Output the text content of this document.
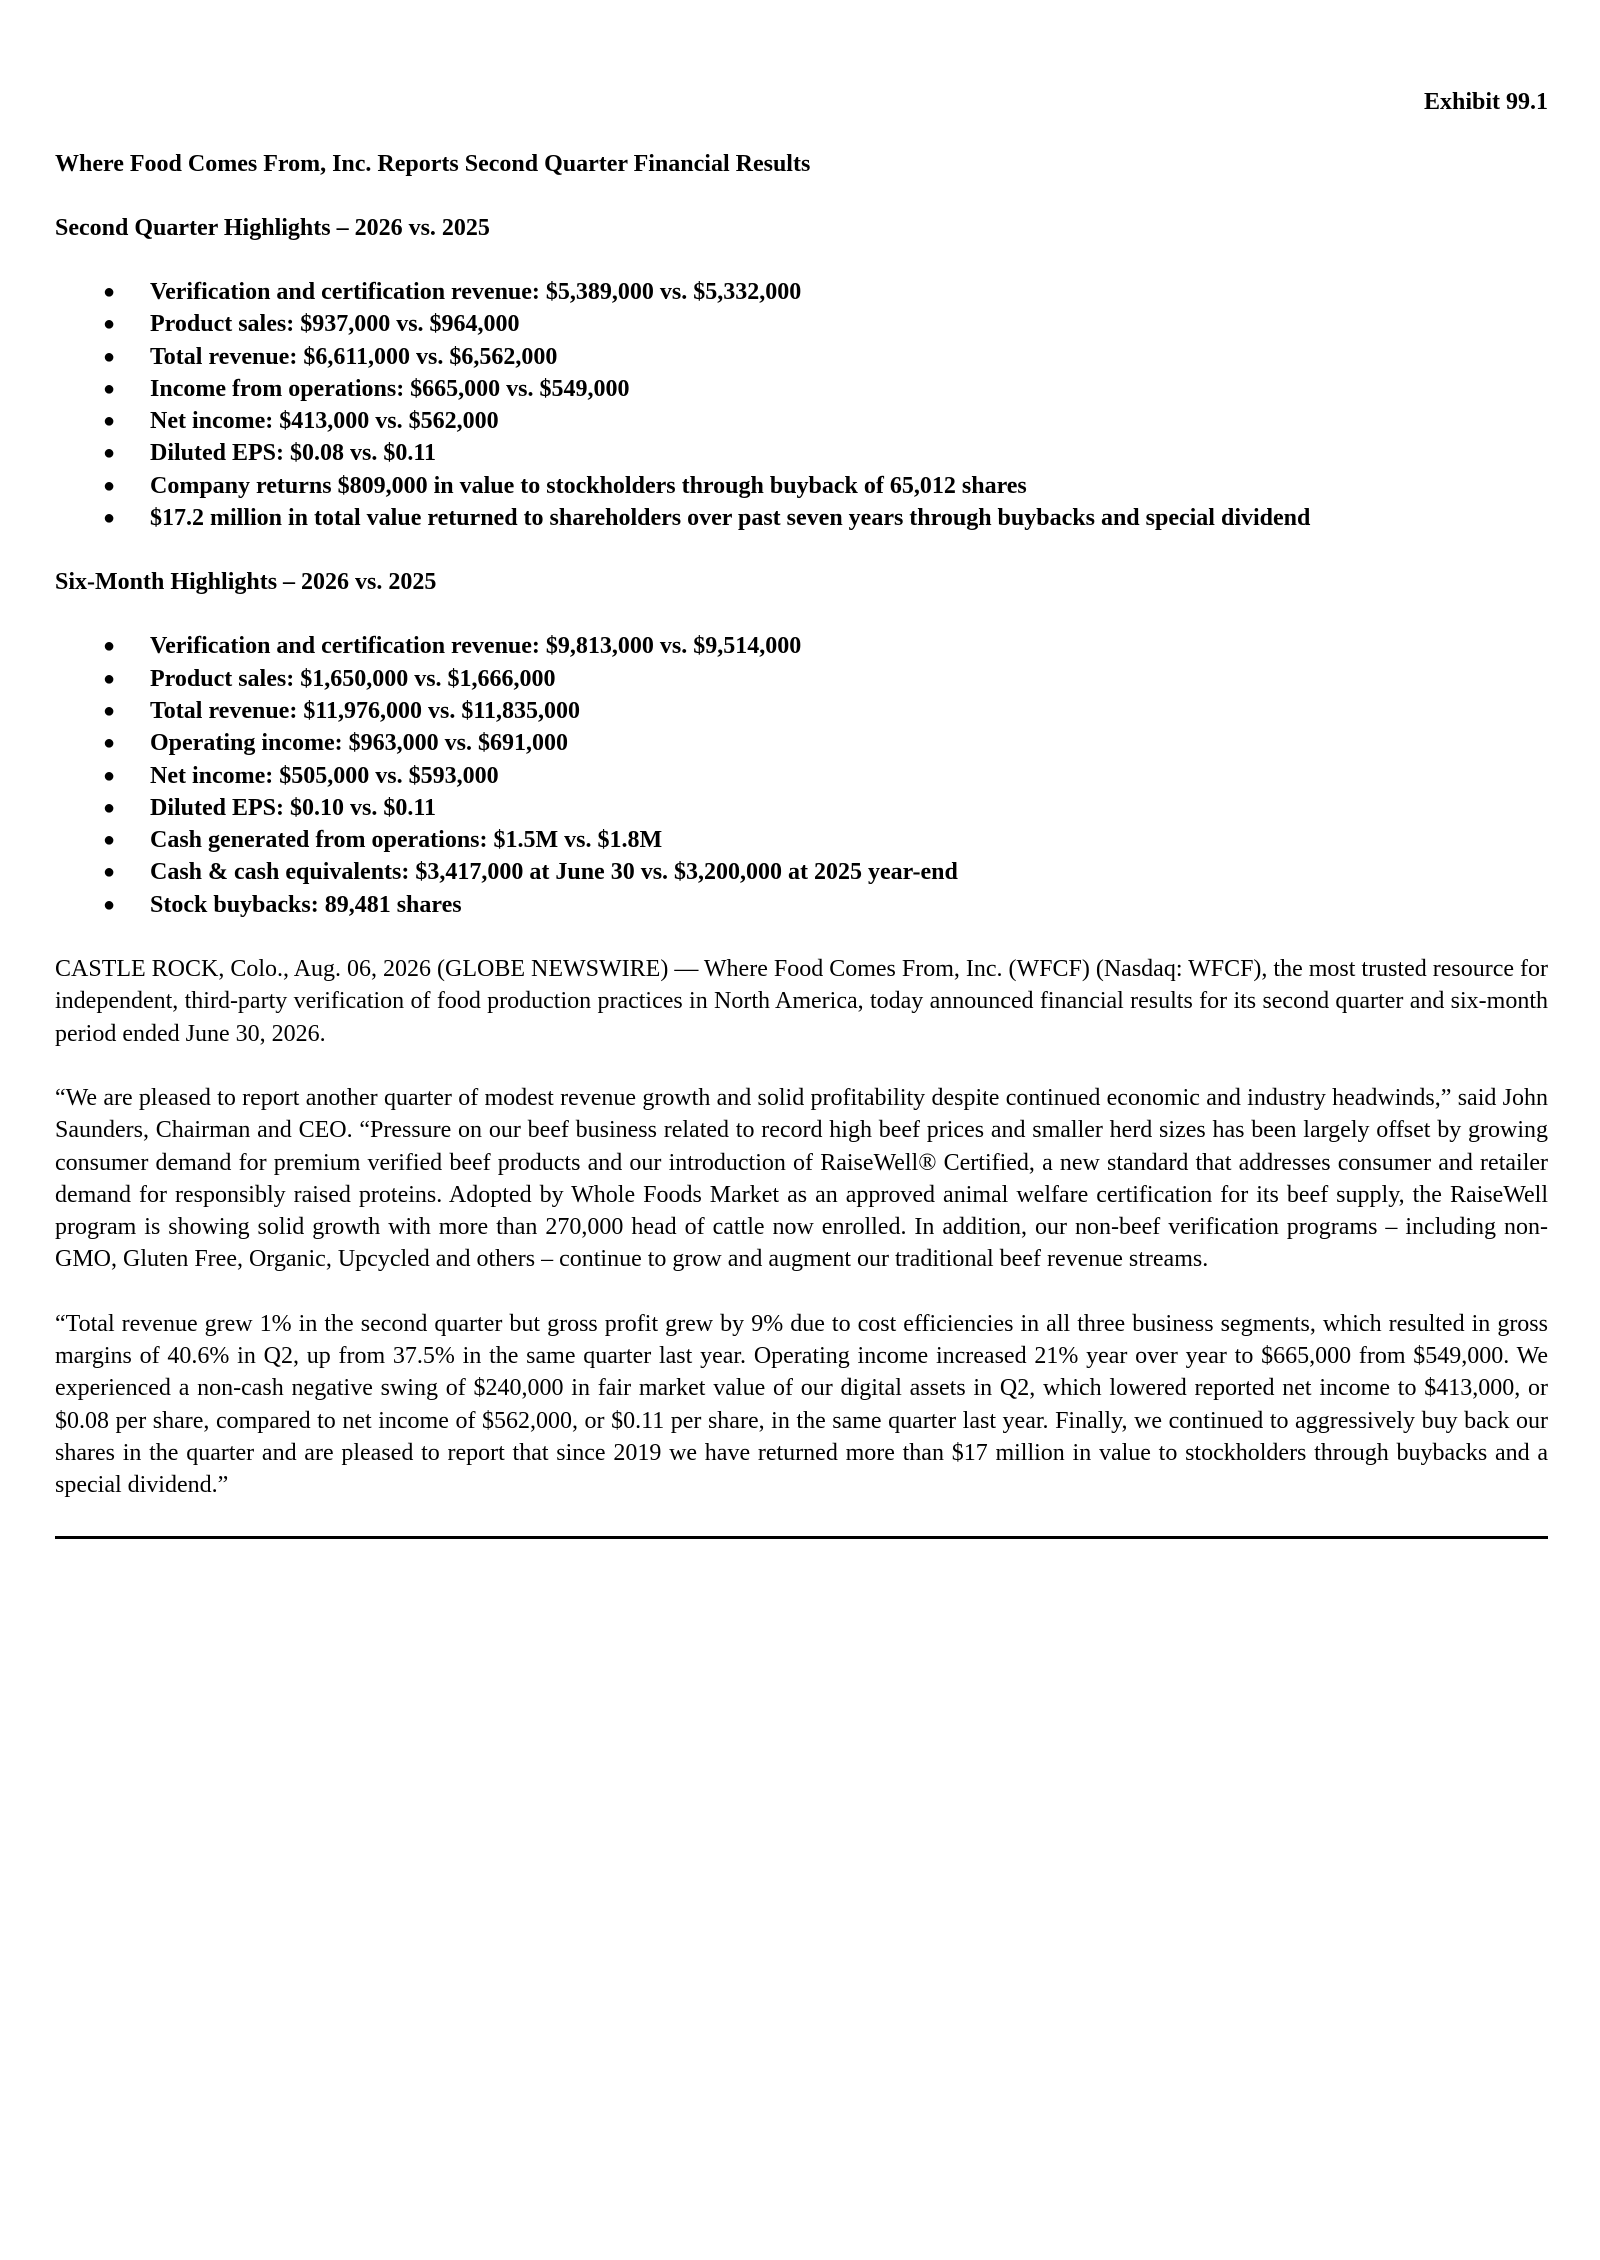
Exhibit 99.1
Where Food Comes From, Inc. Reports Second Quarter Financial Results
Second Quarter Highlights – 2026 vs. 2025
● Verification and certification revenue: $5,389,000 vs. $5,332,000
● Product sales: $937,000 vs. $964,000
● Total revenue: $6,611,000 vs. $6,562,000
● Income from operations: $665,000 vs. $549,000
● Net income: $413,000 vs. $562,000
● Diluted EPS: $0.08 vs. $0.11
● Company returns $809,000 in value to stockholders through buyback of 65,012 shares
● $17.2 million in total value returned to shareholders over past seven years through buybacks and special dividend
Six-Month Highlights – 2026 vs. 2025
● Verification and certification revenue: $9,813,000 vs. $9,514,000
● Product sales: $1,650,000 vs. $1,666,000
● Total revenue: $11,976,000 vs. $11,835,000
● Operating income: $963,000 vs. $691,000
● Net income: $505,000 vs. $593,000
● Diluted EPS: $0.10 vs. $0.11
● Cash generated from operations: $1.5M vs. $1.8M
● Cash & cash equivalents: $3,417,000 at June 30 vs. $3,200,000 at 2025 year-end
● Stock buybacks: 89,481 shares

CASTLE ROCK, Colo., Aug. 06, 2026 (GLOBE NEWSWIRE) — Where Food Comes From, Inc. (WFCF) (Nasdaq: WFCF), the most trusted resource for independent, third-party verification of food production practices in North America, today announced financial results for its second quarter and six-month period ended June 30, 2026.

“We are pleased to report another quarter of modest revenue growth and solid profitability despite continued economic and industry headwinds,” said John Saunders, Chairman and CEO. “Pressure on our beef business related to record high beef prices and smaller herd sizes has been largely offset by growing consumer demand for premium verified beef products and our introduction of RaiseWell® Certified, a new standard that addresses consumer and retailer demand for responsibly raised proteins. Adopted by Whole Foods Market as an approved animal welfare certification for its beef supply, the RaiseWell program is showing solid growth with more than 270,000 head of cattle now enrolled. In addition, our non-beef verification programs – including non-GMO, Gluten Free, Organic, Upcycled and others – continue to grow and augment our traditional beef revenue streams.

“Total revenue grew 1% in the second quarter but gross profit grew by 9% due to cost efficiencies in all three business segments, which resulted in gross margins of 40.6% in Q2, up from 37.5% in the same quarter last year. Operating income increased 21% year over year to $665,000 from $549,000. We experienced a non-cash negative swing of $240,000 in fair market value of our digital assets in Q2, which lowered reported net income to $413,000, or $0.08 per share, compared to net income of $562,000, or $0.11 per share, in the same quarter last year. Finally, we continued to aggressively buy back our shares in the quarter and are pleased to report that since 2019 we have returned more than $17 million in value to stockholders through buybacks and a special dividend.”
